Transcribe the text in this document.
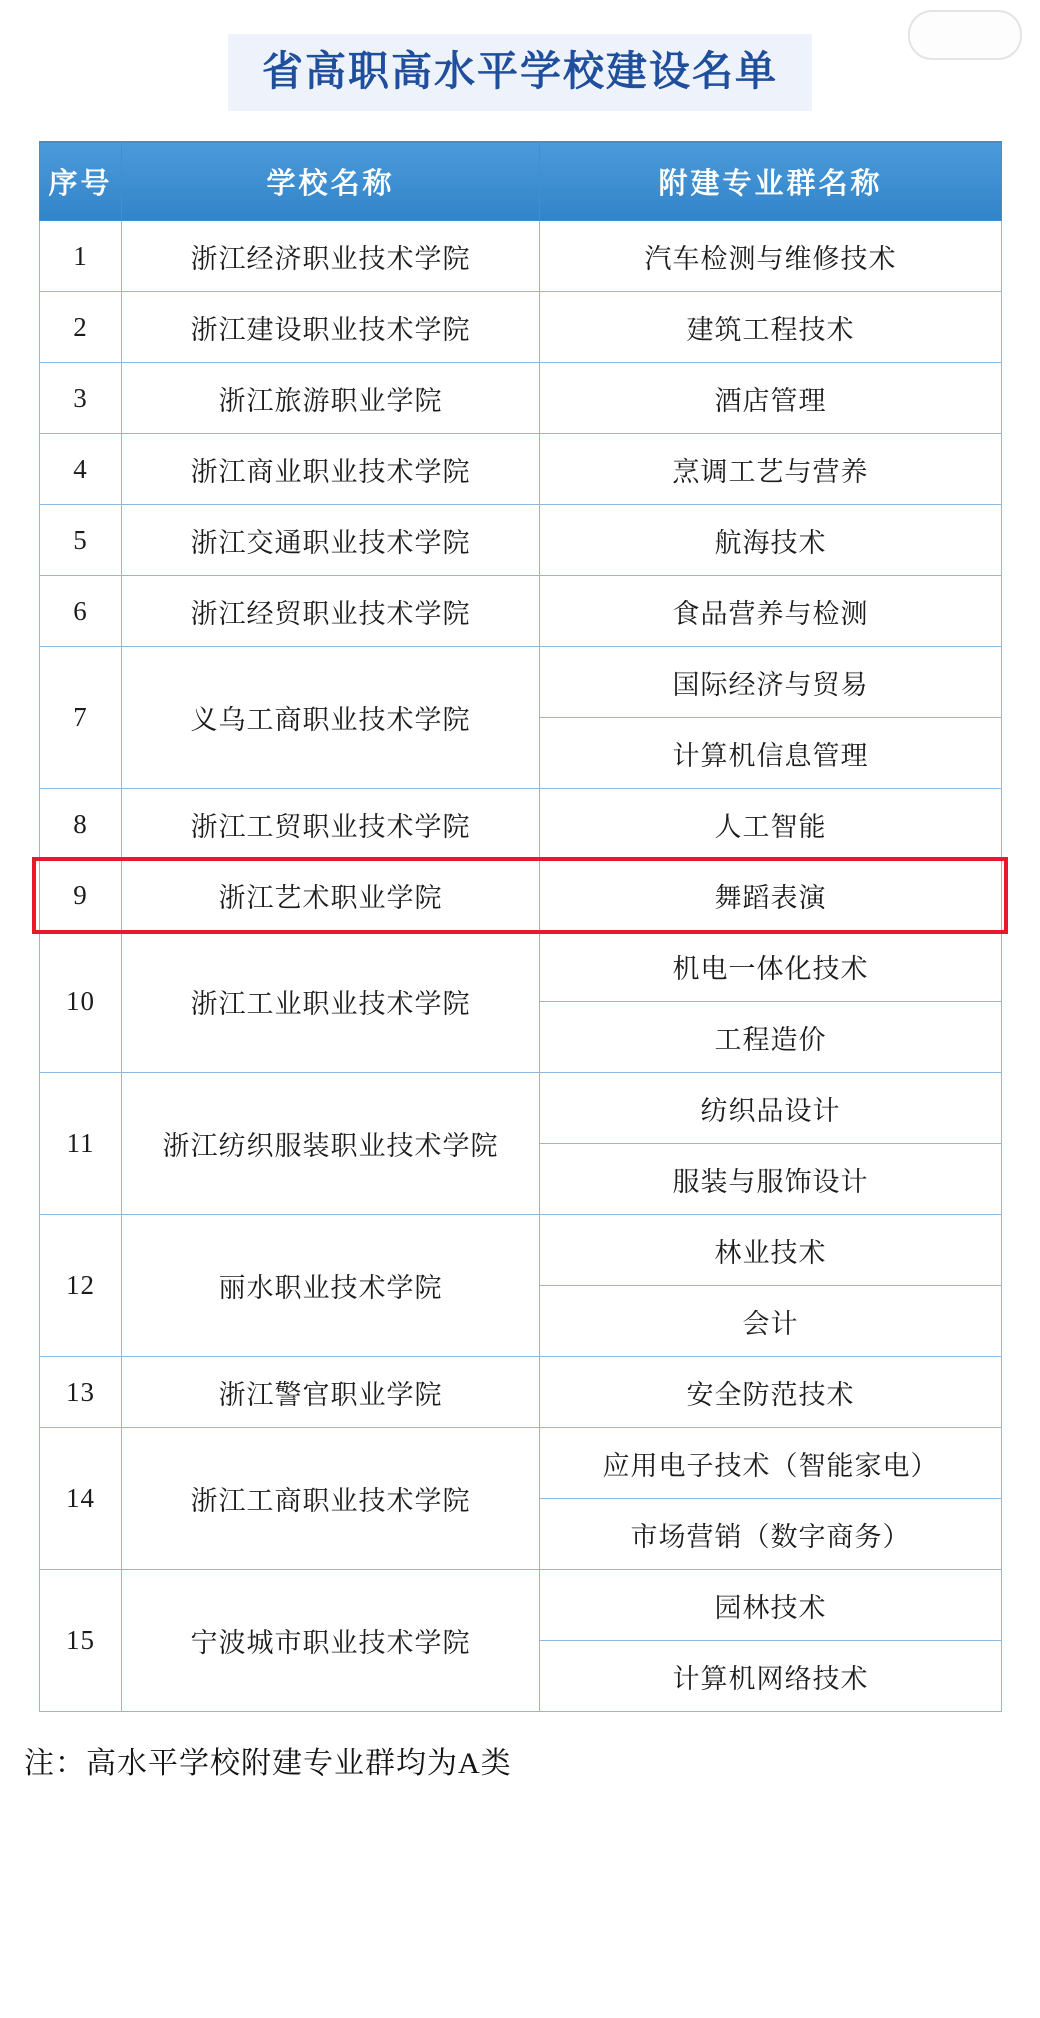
省高职高水平学校建设名单
序号	学校名称	附建专业群名称
1	浙江经济职业技术学院	汽车检测与维修技术
2	浙江建设职业技术学院	建筑工程技术
3	浙江旅游职业学院	酒店管理
4	浙江商业职业技术学院	烹调工艺与营养
5	浙江交通职业技术学院	航海技术
6	浙江经贸职业技术学院	食品营养与检测
7	义乌工商职业技术学院	国际经济与贸易
		计算机信息管理
8	浙江工贸职业技术学院	人工智能
9	浙江艺术职业学院	舞蹈表演
10	浙江工业职业技术学院	机电一体化技术
		工程造价
11	浙江纺织服装职业技术学院	纺织品设计
		服装与服饰设计
12	丽水职业技术学院	林业技术
		会计
13	浙江警官职业学院	安全防范技术
14	浙江工商职业技术学院	应用电子技术（智能家电）
		市场营销（数字商务）
15	宁波城市职业技术学院	园林技术
		计算机网络技术
注：高水平学校附建专业群均为A类
